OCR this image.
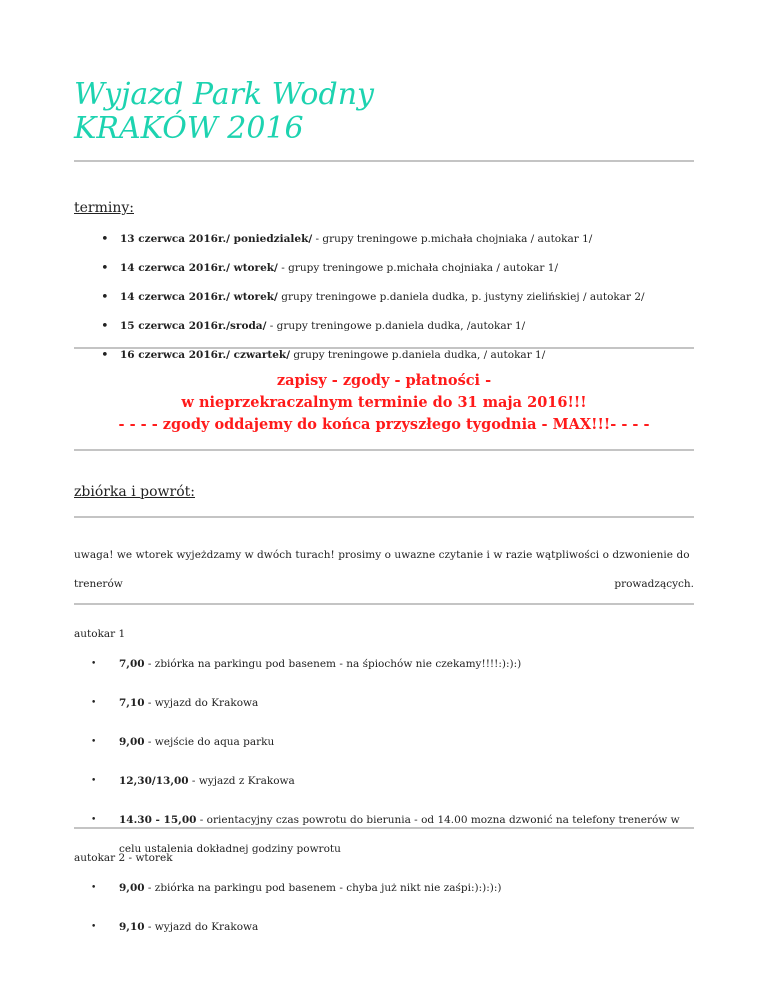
Wyjazd Park Wodny
KRAKÓW 2016
terminy:
• 13 czerwca 2016r./ poniedzialek/ - grupy treningowe p.michała chojniaka / autokar 1/
• 14 czerwca 2016r./ wtorek/ - grupy treningowe p.michała chojniaka / autokar 1/
• 14 czerwca 2016r./ wtorek/ grupy treningowe p.daniela dudka, p. justyny zielińskiej / autokar 2/
• 15 czerwca 2016r./sroda/ - grupy treningowe p.daniela dudka, /autokar 1/
• 16 czerwca 2016r./ czwartek/ grupy treningowe p.daniela dudka, / autokar 1/
zapisy - zgody - płatności -
w nieprzekraczalnym terminie do 31 maja 2016!!!
- - - - zgody oddajemy do końca przyszłego tygodnia - MAX!!!- - - -
zbiórka i powrót:
uwaga! we wtorek wyjeżdzamy w dwóch turach! prosimy o uwazne czytanie i w razie wątpliwości o dzwonienie do
trenerów	prowadzących.
autokar 1
• 7,00 - zbiórka na parkingu pod basenem - na śpiochów nie czekamy!!!!:):):)
• 7,10 - wyjazd do Krakowa
• 9,00 - wejście do aqua parku
• 12,30/13,00 - wyjazd z Krakowa
• 14.30 - 15,00 - orientacyjny czas powrotu do bierunia - od 14.00 mozna dzwonić na telefony trenerów w celu ustalenia dokładnej godziny powrotu
autokar 2 - wtorek
• 9,00 - zbiórka na parkingu pod basenem - chyba już nikt nie zaśpi:):):):)
• 9,10 - wyjazd do Krakowa
